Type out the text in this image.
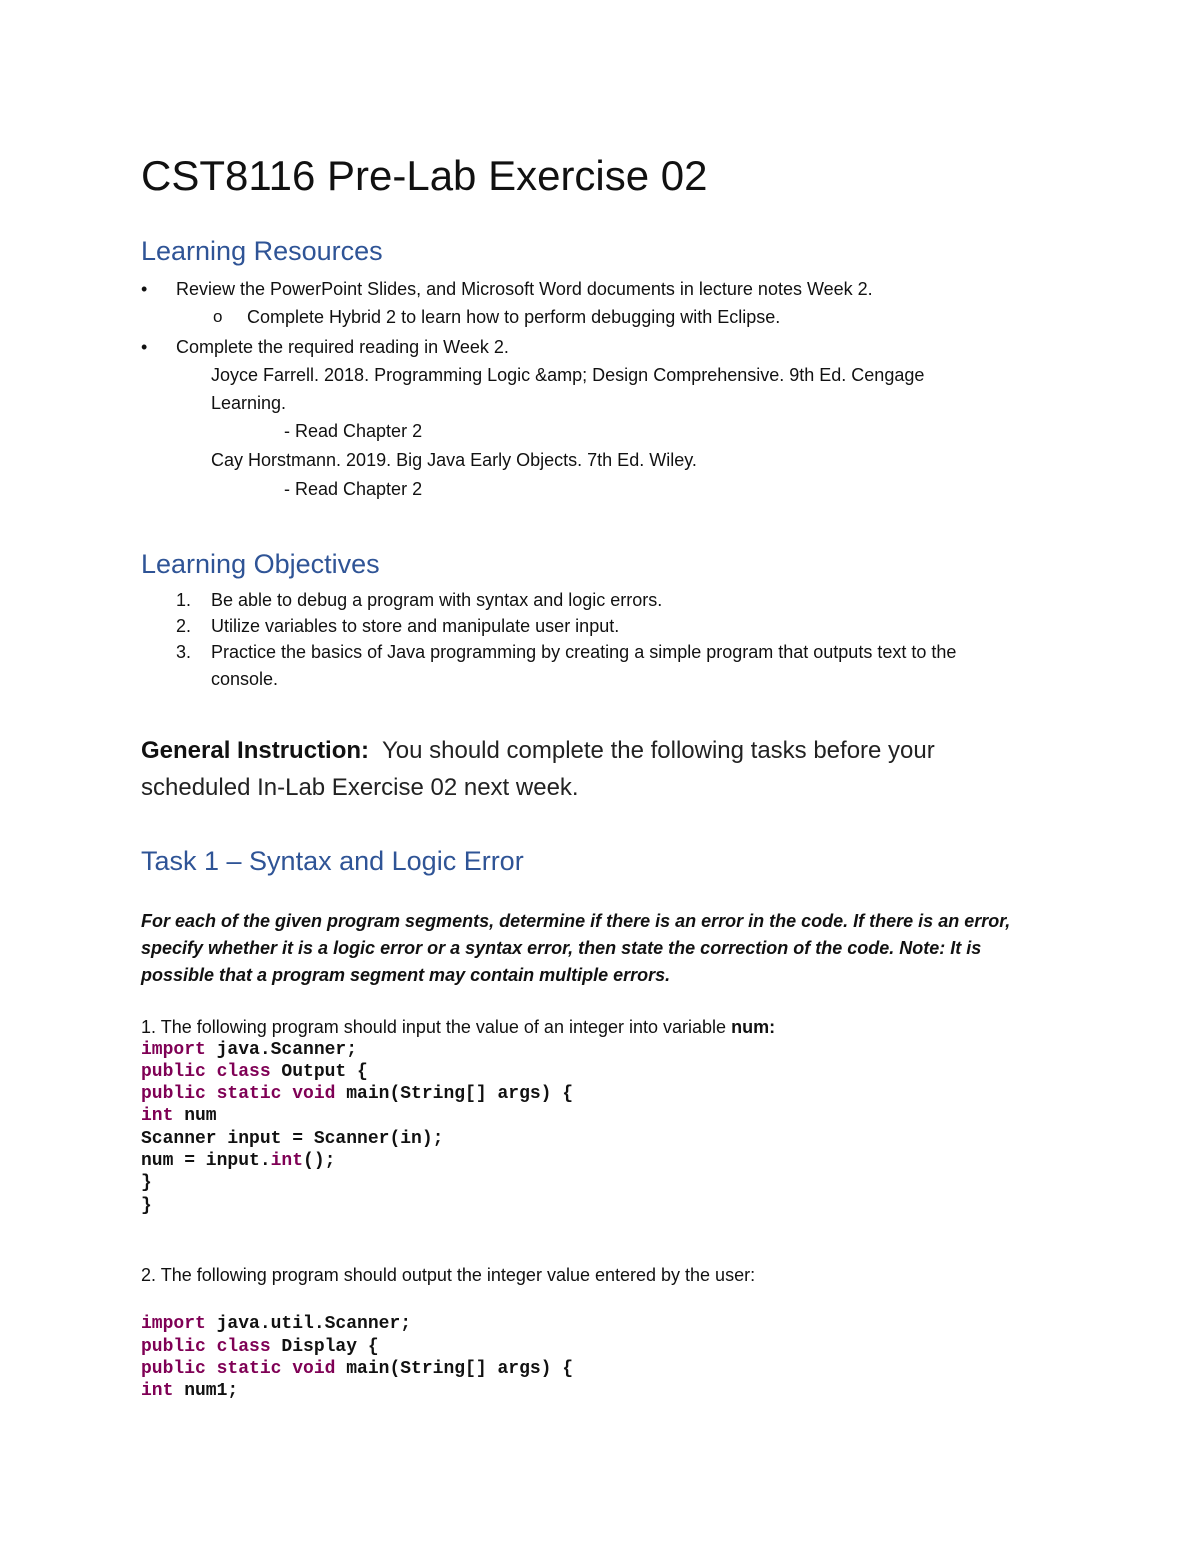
CST8116 Pre-Lab Exercise 02
Learning Resources
• Review the PowerPoint Slides, and Microsoft Word documents in lecture notes Week 2.
o Complete Hybrid 2 to learn how to perform debugging with Eclipse.
• Complete the required reading in Week 2.
Joyce Farrell. 2018. Programming Logic &amp; Design Comprehensive. 9th Ed. Cengage
Learning.
- Read Chapter 2
Cay Horstmann. 2019. Big Java Early Objects. 7th Ed. Wiley.
- Read Chapter 2
Learning Objectives
1. Be able to debug a program with syntax and logic errors.
2. Utilize variables to store and manipulate user input.
3. Practice the basics of Java programming by creating a simple program that outputs text to the
console.
General Instruction: You should complete the following tasks before your
scheduled In-Lab Exercise 02 next week.
Task 1 – Syntax and Logic Error
For each of the given program segments, determine if there is an error in the code. If there is an error,
specify whether it is a logic error or a syntax error, then state the correction of the code. Note: It is
possible that a program segment may contain multiple errors.
1. The following program should input the value of an integer into variable num:
import java.Scanner;
public class Output {
public static void main(String[] args) {
int num
Scanner input = Scanner(in);
num = input.int();
}
}
2. The following program should output the integer value entered by the user:
import java.util.Scanner;
public class Display {
public static void main(String[] args) {
int num1;
